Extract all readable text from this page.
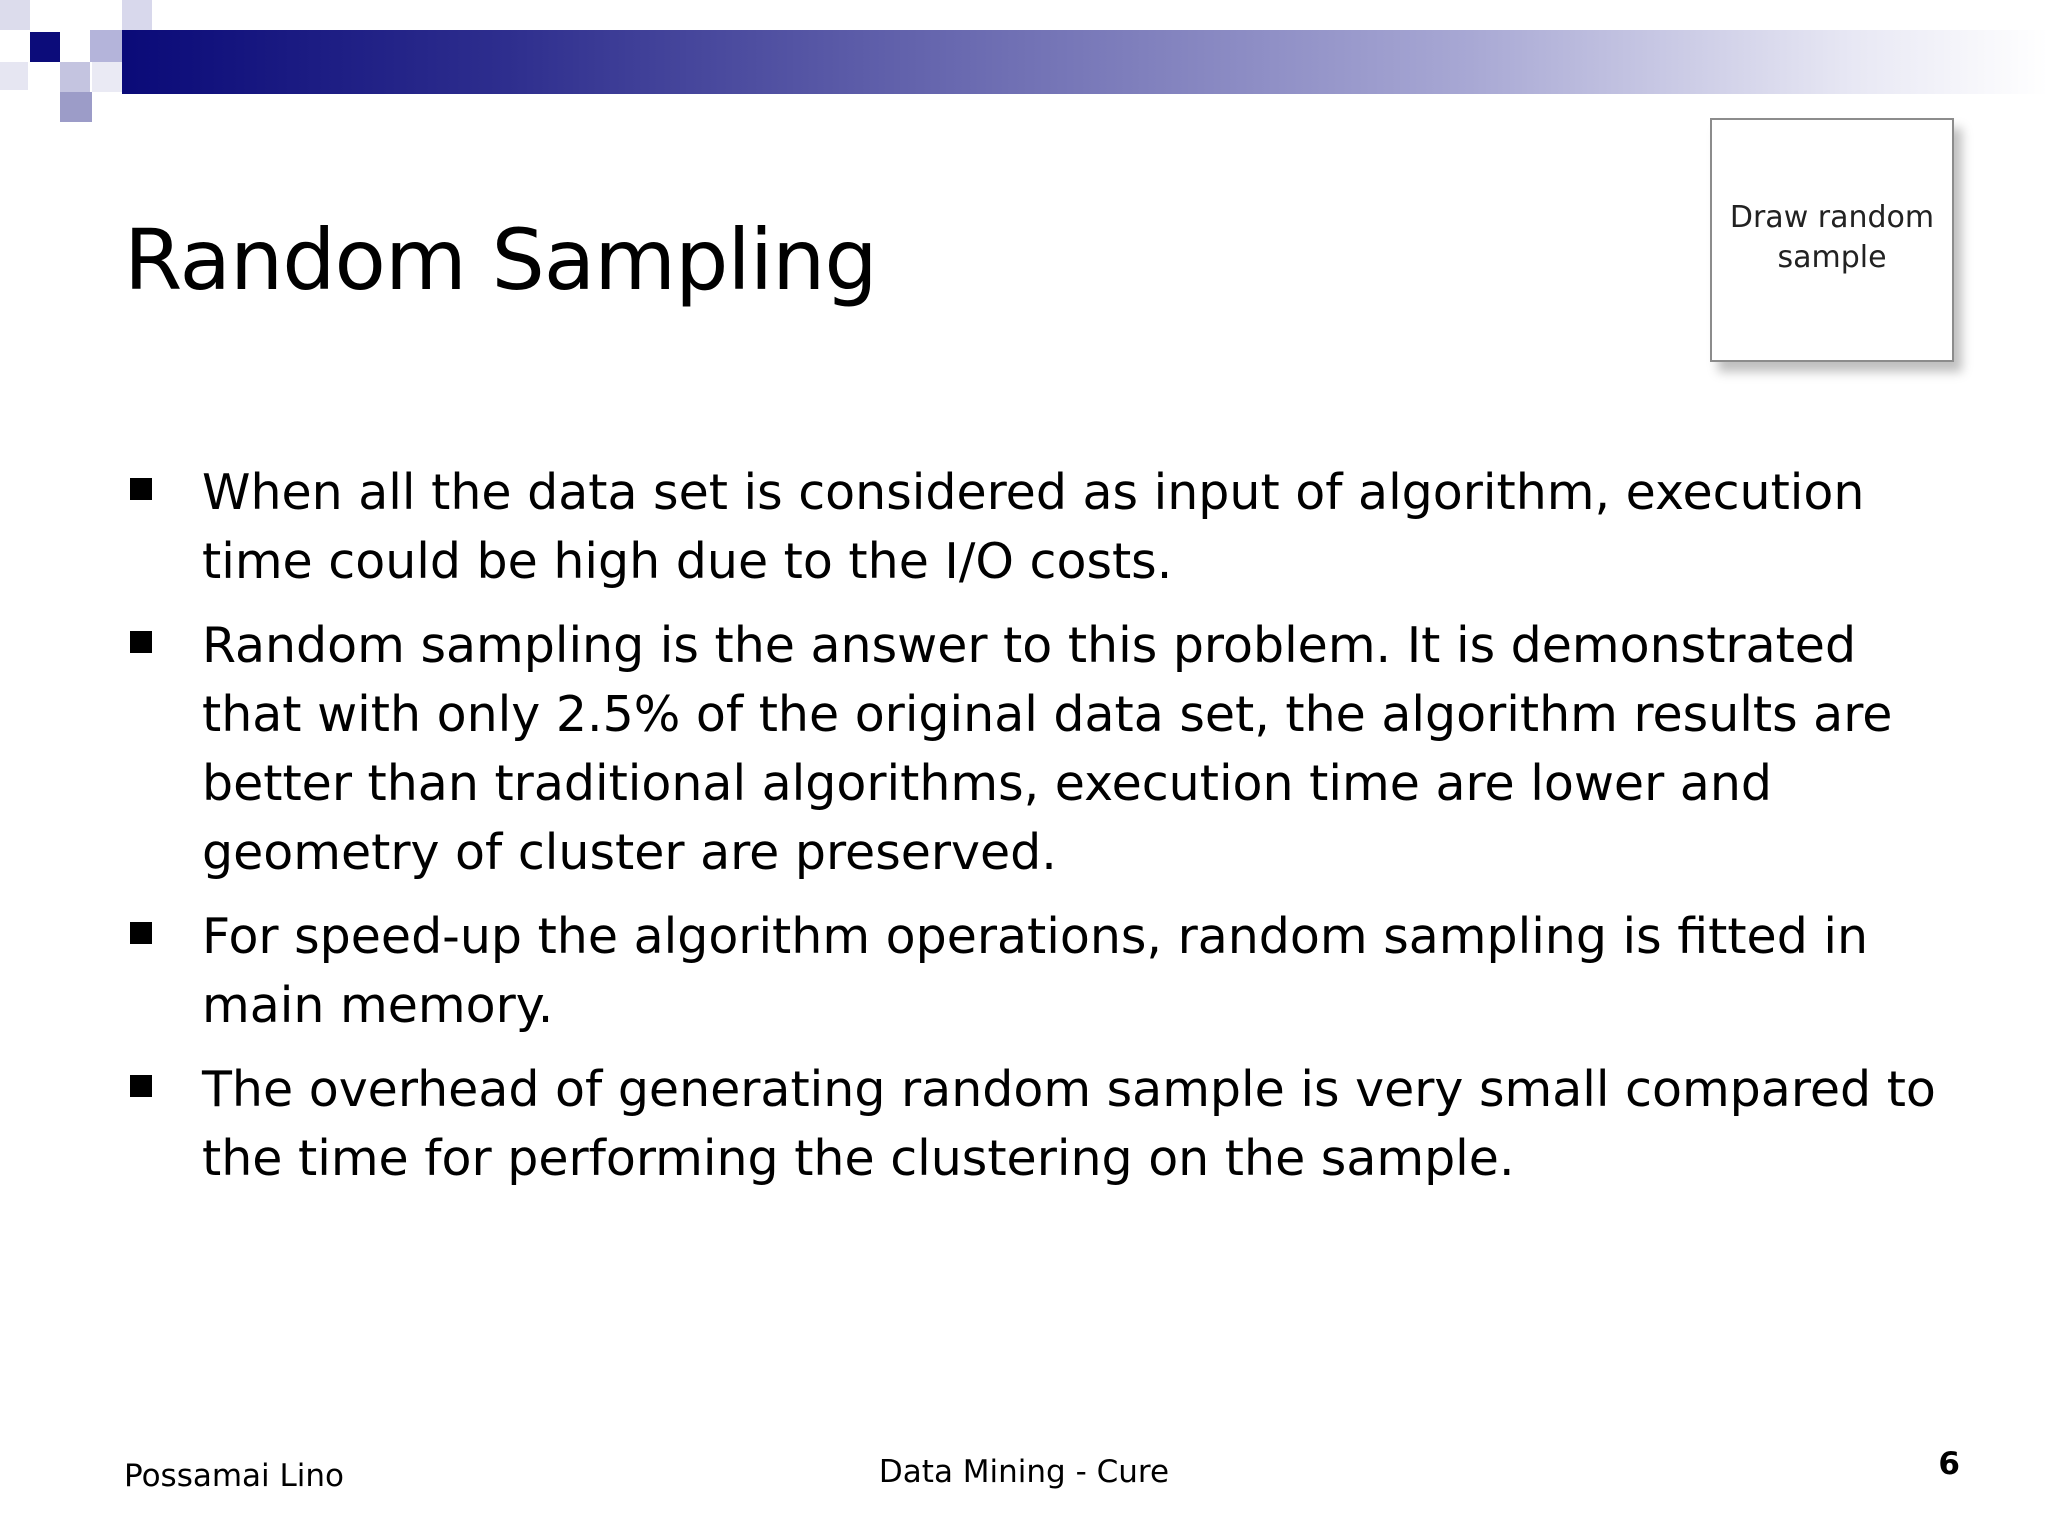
Random Sampling	Draw random
sample
When all the data set is considered as input of algorithm, execution time could be high due to the I/O costs.
Random sampling is the answer to this problem. It is demonstrated that with only 2.5% of the original data set, the algorithm results are better than traditional algorithms, execution time are lower and geometry of cluster are preserved.
For speed-up the algorithm operations, random sampling is fitted in main memory.
The overhead of generating random sample is very small compared to the time for performing the clustering on the sample.
Possamai Lino	Data Mining - Cure	6
